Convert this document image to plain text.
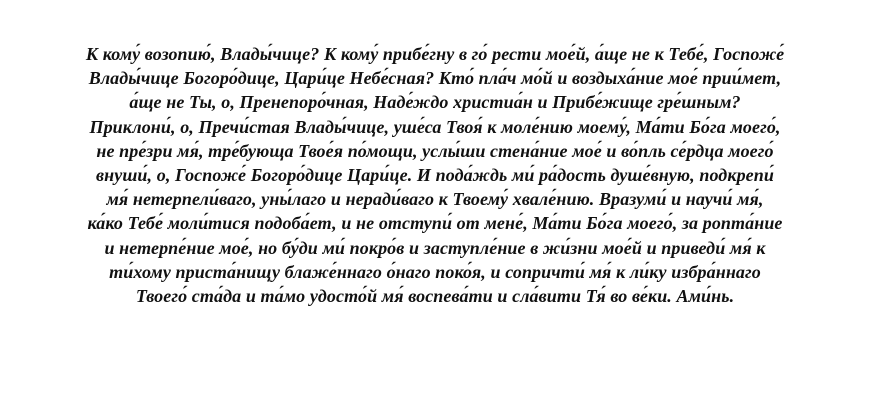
К кому́ возопию́, Влады́чице? К кому́ прибе́гну в го́ рести мое́й, а́ще не к Тебе́, Госпоже́
Влады́чице Богоро́дице, Цари́це Небе́сная? Кто́ пла́ч мо́й и воздыха́ние мое́ прии́мет,
а́ще не Ты, о, Пренепоро́чная, Наде́ждо христиа́н и Прибе́жище гре́шным?
Приклони́, о, Пречи́стая Влады́чице, уше́са Твоя́ к моле́нию моему́, Ма́ти Бо́га моего́,
не пре́зри мя́, тре́бующа Твое́я по́мощи, услы́ши стена́ние мое́ и во́пль се́рдца моего́
внуши́, о, Госпоже́ Богоро́дице Цари́це. И пода́ждь ми́ ра́дость душе́вную, подкрепи́
мя́ нетерпели́ваго, уны́лаго и неради́ваго к Твоему́ хвале́нию. Вразуми́ и научи́ мя́,
ка́ко Тебе́ моли́тися подоба́ет, и не отступи́ от мене́, Ма́ти Бо́га моего́, за ропта́ние
и нетерпе́ние мое́, но бу́ди ми́ покро́в и заступле́ние в жи́зни мое́й и приведи́ мя́ к
ти́хому приста́нищу блаже́ннаго о́наго поко́я, и сопричти́ мя́ к ли́ку избра́ннаго
Твоего́ ста́да и та́мо удосто́й мя́ воспева́ти и сла́вити Тя́ во ве́ки. Ами́нь.
